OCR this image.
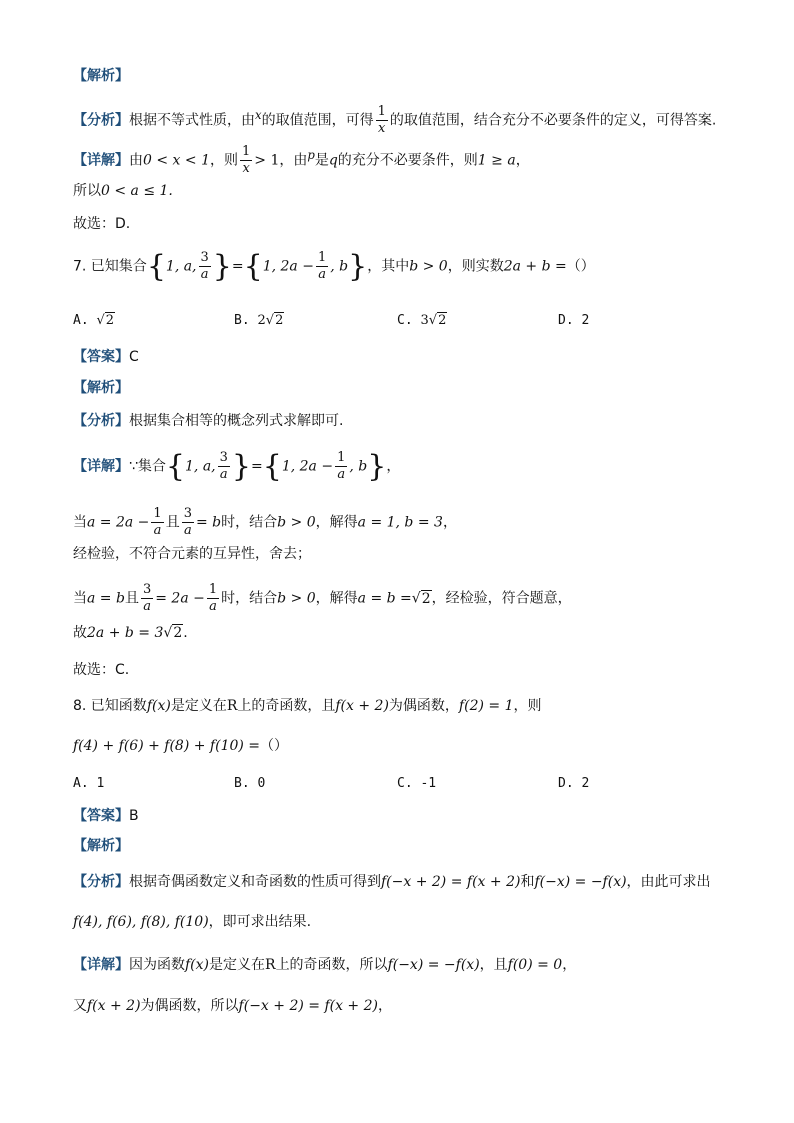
【解析】
【分析】根据不等式性质，由$^x$的取值范围，可得 $\frac{1}{x}$ 的取值范围，结合充分不必要条件的定义，可得答案.
【详解】由0 < x < 1，则 $\frac{1}{x} > 1$，由$^p$是q的充分不必要条件，则1 ≥ a，
所以0 < a ≤ 1.
故选：D.
7. 已知集合{1, a, $\frac{3}{a} \}=\{1$, $2a - \frac{1}{a}$ , b}，其中b > 0，则实数2a + b =（）
A. √2	B. 2√2	C. 3√2	D. 2
【答案】C
【解析】
【分析】根据集合相等的概念列式求解即可.
【详解】∵集合{1, a, $\frac{3}{a} \}=\{1$, $2a - \frac{1}{a}$ , b}，
当$a = 2a - \frac{1}{a}$ 且 $\frac{3}{a} = b$时，结合b > 0，解得a = 1, b = 3，
经检验，不符合元素的互异性，舍去；
当a = b且 $\frac{3}{a} = 2a - \frac{1}{a}$ 时，结合b > 0，解得a = b =√2，经检验，符合题意，
故2a + b = 3√2.
故选：C.
8. 已知函数f(x)是定义在R上的奇函数，且f(x + 2)为偶函数，f(2) = 1，则
f(4) + f(6) + f(8) + f(10) =（）
A. 1	B. 0	C. -1	D. 2
【答案】B
【解析】
【分析】根据奇偶函数定义和奇函数的性质可得到f(−x + 2) = f(x + 2)和f(−x) = −f(x)，由此可求出
f(4), f(6), f(8), f(10)，即可求出结果.
【详解】因为函数f(x)是定义在R上的奇函数，所以f(−x) = −f(x)，且f(0) = 0，
又f(x + 2)为偶函数，所以f(−x + 2) = f(x + 2)，
